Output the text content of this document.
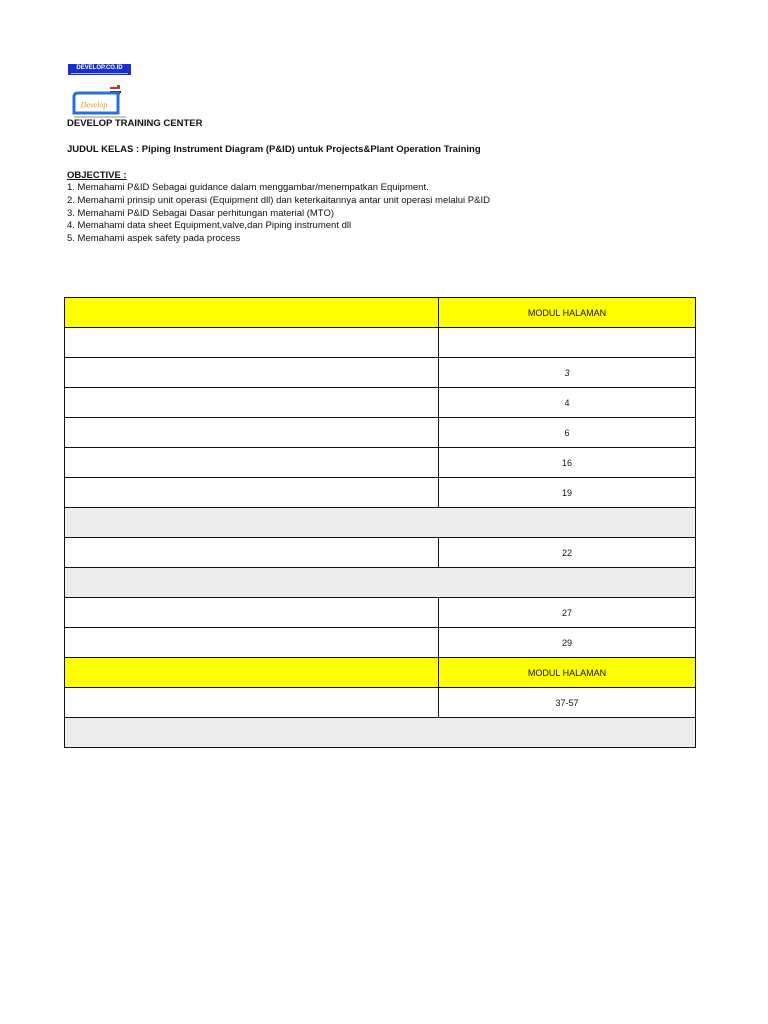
DEVELOP.CO.ID
Develop
DEVELOP TRAINING CENTER
JUDUL KELAS : Piping Instrument Diagram (P&ID) untuk Projects&Plant Operation Training
OBJECTIVE :
1. Memahami P&ID Sebagai guidance dalam menggambar/menempatkan Equipment.
2. Memahami prinsip unit operasi (Equipment dll) dan keterkaitannya antar unit operasi melalui P&ID
3. Memahami P&ID Sebagai Dasar perhitungan material (MTO)
4. Memahami data sheet Equipment,valve,dan Piping instrument dll
5. Memahami aspek safety pada process
	MODUL HALAMAN

	3
	4
	6
	16
	19

	22

	27
	29
	MODUL HALAMAN
	37-57
